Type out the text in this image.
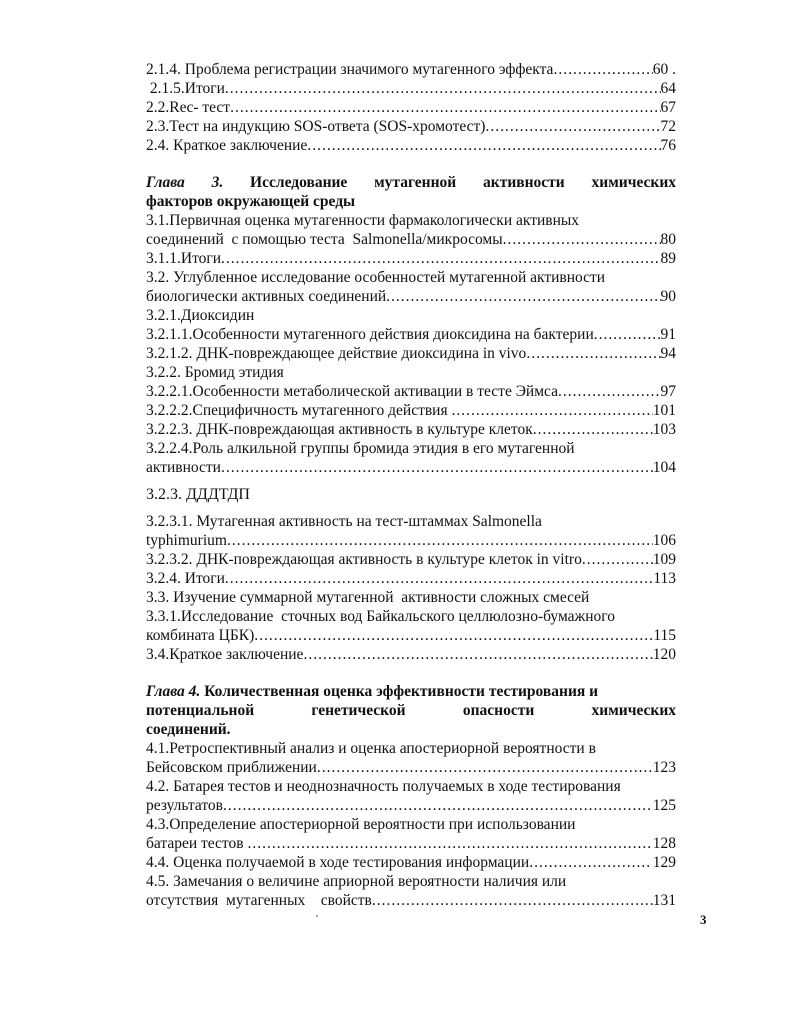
2.1.4. Проблема регистрации значимого мутагенного эффекта .....	60 .
2.1.5.Итоги .....	64
2.2.Rec- тест .....	67
2.3.Тест на индукцию SOS-ответа (SOS-хромотест) .....	72
2.4. Краткое заключение .....	76
Глава 3. Исследование мутагенной активности химических
факторов окружающей среды
3.1.Первичная оценка мутагенности фармакологически активных
соединений  с помощью теста  Salmonella/микросомы .....	80
3.1.1.Итоги .....	89
3.2. Углубленное исследование особенностей мутагенной активности
биологически активных соединений .....	90
3.2.1.Диоксидин
3.2.1.1.Особенности мутагенного действия диоксидина на бактерии .....	91
3.2.1.2. ДНК-повреждающее действие диоксидина in vivo .....	94
3.2.2. Бромид этидия
3.2.2.1.Особенности метаболической активации в тесте Эймса .....	97
3.2.2.2.Специфичность мутагенного действия .....	101
3.2.2.3. ДНК-повреждающая активность в культуре клеток .....	103
3.2.2.4.Роль алкильной группы бромида этидия в его мутагенной
активности .....	104
3.2.3. ДДДТДП
3.2.3.1. Мутагенная активность на тест-штаммах Salmonella
typhimurium .....	106
3.2.3.2. ДНК-повреждающая активность в культуре клеток in vitro .....	109
3.2.4. Итоги .....	113
3.3. Изучение суммарной мутагенной  активности сложных смесей
3.3.1.Исследование  сточных вод Байкальского целлюлозно-бумажного
комбината ЦБК) .....	115
3.4.Краткое заключение .....	120
Глава 4. Количественная оценка эффективности тестирования и
потенциальной генетической опасности химических
соединений.
4.1.Ретроспективный анализ и оценка апостериорной вероятности в
Бейсовском приближении .....	123
4.2. Батарея тестов и неоднозначность получаемых в ходе тестирования
результатов .....	125
4.3.Определение апостериорной вероятности при использовании
батареи тестов .....	128
4.4. Оценка получаемой в ходе тестирования информации .....	129
4.5. Замечания о величине априорной вероятности наличия или
отсутствия  мутагенных    свойств .....	131
3
